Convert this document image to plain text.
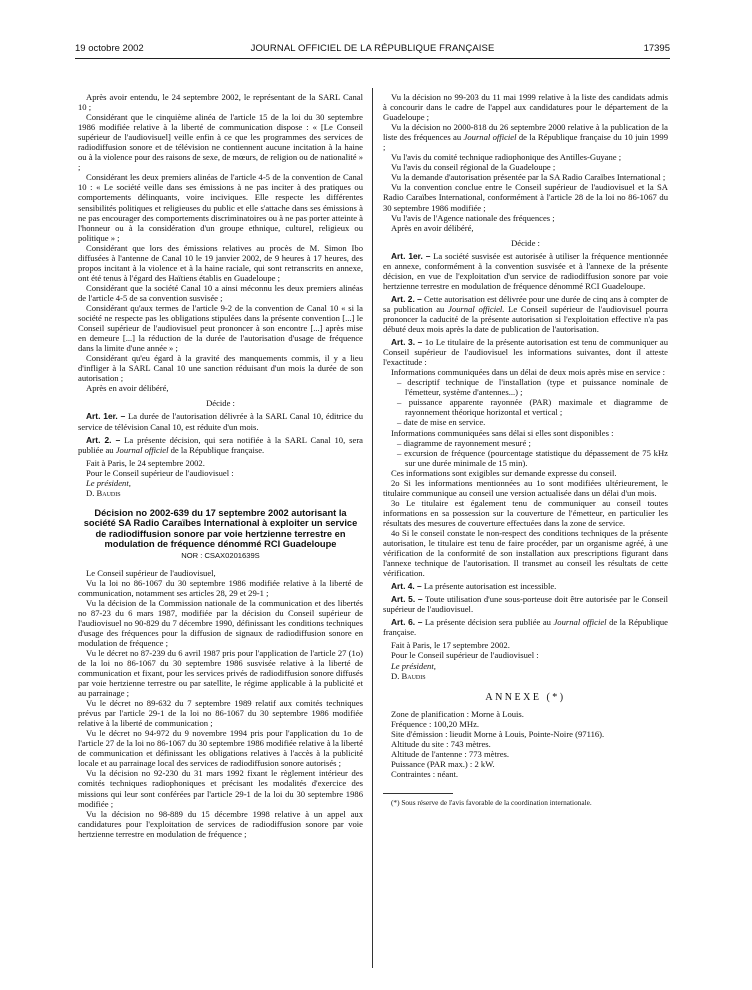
19 octobre 2002	JOURNAL OFFICIEL DE LA RÉPUBLIQUE FRANÇAISE	17395

Après avoir entendu, le 24 septembre 2002, le représentant de la SARL Canal 10 ;

Considérant que le cinquième alinéa de l'article 15 de la loi du 30 septembre 1986 modifiée relative à la liberté de communication dispose : « [Le Conseil supérieur de l'audiovisuel] veille enfin à ce que les programmes des services de radiodiffusion sonore et de télévision ne contiennent aucune incitation à la haine ou à la violence pour des raisons de sexe, de mœurs, de religion ou de nationalité » ;

Considérant les deux premiers alinéas de l'article 4-5 de la convention de Canal 10 : « Le société veille dans ses émissions à ne pas inciter à des pratiques ou comportements délinquants, voire inciviques. Elle respecte les différentes sensibilités politiques et religieuses du public et elle s'attache dans ses émissions à ne pas encourager des comportements discriminatoires ou à ne pas porter atteinte à l'honneur ou à la considération d'un groupe ethnique, culturel, religieux ou politique » ;

Considérant que lors des émissions relatives au procès de M. Simon Ibo diffusées à l'antenne de Canal 10 le 19 janvier 2002, de 9 heures à 17 heures, des propos incitant à la violence et à la haine raciale, qui sont retranscrits en annexe, ont été tenus à l'égard des Haïtiens établis en Guadeloupe ;

Considérant que la société Canal 10 a ainsi méconnu les deux premiers alinéas de l'article 4-5 de sa convention susvisée ;

Considérant qu'aux termes de l'article 9-2 de la convention de Canal 10 « si la société ne respecte pas les obligations stipulées dans la présente convention [...] le Conseil supérieur de l'audiovisuel peut prononcer à son encontre [...] après mise en demeure [...] la réduction de la durée de l'autorisation d'usage de fréquence dans la limite d'une année » ;

Considérant qu'eu égard à la gravité des manquements commis, il y a lieu d'infliger à la SARL Canal 10 une sanction réduisant d'un mois la durée de son autorisation ;

Après en avoir délibéré,

Décide :

Art. 1er. – La durée de l'autorisation délivrée à la SARL Canal 10, éditrice du service de télévision Canal 10, est réduite d'un mois.

Art. 2. – La présente décision, qui sera notifiée à la SARL Canal 10, sera publiée au Journal officiel de la République française.

Fait à Paris, le 24 septembre 2002.

Pour le Conseil supérieur de l'audiovisuel :

Le président,

D. Baudis

Décision no 2002-639 du 17 septembre 2002 autorisant la société SA Radio Caraïbes International à exploiter un service de radiodiffusion sonore par voie hertzienne terrestre en modulation de fréquence dénommé RCI Guadeloupe
NOR : CSAX0201639S

Le Conseil supérieur de l'audiovisuel,

Vu la loi no 86-1067 du 30 septembre 1986 modifiée relative à la liberté de communication, notamment ses articles 28, 29 et 29-1 ;

Vu la décision de la Commission nationale de la communication et des libertés no 87-23 du 6 mars 1987, modifiée par la décision du Conseil supérieur de l'audiovisuel no 90-829 du 7 décembre 1990, définissant les conditions techniques d'usage des fréquences pour la diffusion de signaux de radiodiffusion sonore en modulation de fréquence ;

Vu le décret no 87-239 du 6 avril 1987 pris pour l'application de l'article 27 (1o) de la loi no 86-1067 du 30 septembre 1986 susvisée relative à la liberté de communication et fixant, pour les services privés de radiodiffusion sonore diffusés par voie hertzienne terrestre ou par satellite, le régime applicable à la publicité et au parrainage ;

Vu le décret no 89-632 du 7 septembre 1989 relatif aux comités techniques prévus par l'article 29-1 de la loi no 86-1067 du 30 septembre 1986 modifiée relative à la liberté de communication ;

Vu le décret no 94-972 du 9 novembre 1994 pris pour l'application du 1o de l'article 27 de la loi no 86-1067 du 30 septembre 1986 modifiée relative à la liberté de communication et définissant les obligations relatives à l'accès à la publicité locale et au parrainage local des services de radiodiffusion sonore autorisés ;

Vu la décision no 92-230 du 31 mars 1992 fixant le règlement intérieur des comités techniques radiophoniques et précisant les modalités d'exercice des missions qui leur sont conférées par l'article 29-1 de la loi du 30 septembre 1986 modifiée ;

Vu la décision no 98-889 du 15 décembre 1998 relative à un appel aux candidatures pour l'exploitation de services de radiodiffusion sonore par voie hertzienne terrestre en modulation de fréquence ;

Vu la décision no 99-203 du 11 mai 1999 relative à la liste des candidats admis à concourir dans le cadre de l'appel aux candidatures pour le département de la Guadeloupe ;

Vu la décision no 2000-818 du 26 septembre 2000 relative à la publication de la liste des fréquences au Journal officiel de la République française du 10 juin 1999 ;

Vu l'avis du comité technique radiophonique des Antilles-Guyane ;

Vu l'avis du conseil régional de la Guadeloupe ;

Vu la demande d'autorisation présentée par la SA Radio Caraïbes International ;

Vu la convention conclue entre le Conseil supérieur de l'audiovisuel et la SA Radio Caraïbes International, conformément à l'article 28 de la loi no 86-1067 du 30 septembre 1986 modifiée ;

Vu l'avis de l'Agence nationale des fréquences ;

Après en avoir délibéré,

Décide :

Art. 1er. – La société susvisée est autorisée à utiliser la fréquence mentionnée en annexe, conformément à la convention susvisée et à l'annexe de la présente décision, en vue de l'exploitation d'un service de radiodiffusion sonore par voie hertzienne terrestre en modulation de fréquence dénommé RCI Guadeloupe.

Art. 2. – Cette autorisation est délivrée pour une durée de cinq ans à compter de sa publication au Journal officiel. Le Conseil supérieur de l'audiovisuel pourra prononcer la caducité de la présente autorisation si l'exploitation effective n'a pas débuté deux mois après la date de publication de l'autorisation.

Art. 3. – 1o Le titulaire de la présente autorisation est tenu de communiquer au Conseil supérieur de l'audiovisuel les informations suivantes, dont il atteste l'exactitude :

Informations communiquées dans un délai de deux mois après mise en service :

– descriptif technique de l'installation (type et puissance nominale de l'émetteur, système d'antennes...) ;
– puissance apparente rayonnée (PAR) maximale et diagramme de rayonnement théorique horizontal et vertical ;
– date de mise en service.

Informations communiquées sans délai si elles sont disponibles :

– diagramme de rayonnement mesuré ;
– excursion de fréquence (pourcentage statistique du dépassement de 75 kHz sur une durée minimale de 15 min).

Ces informations sont exigibles sur demande expresse du conseil.

2o Si les informations mentionnées au 1o sont modifiées ultérieurement, le titulaire communique au conseil une version actualisée dans un délai d'un mois.

3o Le titulaire est également tenu de communiquer au conseil toutes informations en sa possession sur la couverture de l'émetteur, en particulier les résultats des mesures de couverture effectuées dans la zone de service.

4o Si le conseil constate le non-respect des conditions techniques de la présente autorisation, le titulaire est tenu de faire procéder, par un organisme agréé, à une vérification de la conformité de son installation aux prescriptions figurant dans l'annexe technique de l'autorisation. Il transmet au conseil les résultats de cette vérification.

Art. 4. – La présente autorisation est incessible.

Art. 5. – Toute utilisation d'une sous-porteuse doit être autorisée par le Conseil supérieur de l'audiovisuel.

Art. 6. – La présente décision sera publiée au Journal officiel de la République française.

Fait à Paris, le 17 septembre 2002.

Pour le Conseil supérieur de l'audiovisuel :

Le président,

D. Baudis

ANNEXE (*)

Zone de planification : Morne à Louis.

Fréquence : 100,20 MHz.

Site d'émission : lieudit Morne à Louis, Pointe-Noire (97116).

Altitude du site : 743 mètres.

Altitude de l'antenne : 773 mètres.

Puissance (PAR max.) : 2 kW.

Contraintes : néant.

(*) Sous réserve de l'avis favorable de la coordination internationale.
